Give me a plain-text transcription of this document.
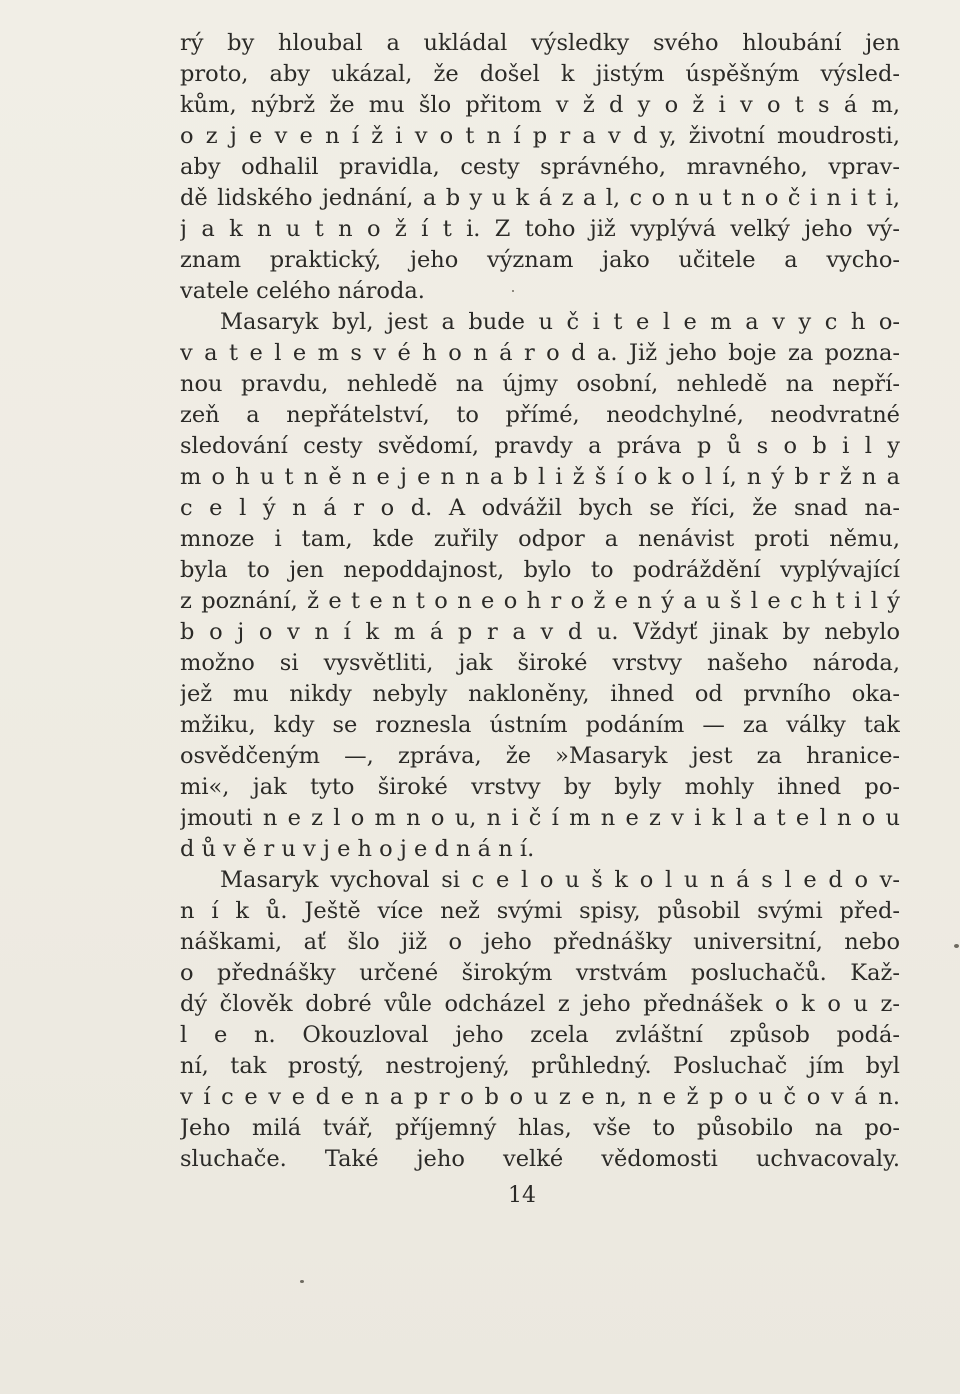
rý by hloubal a ukládal výsledky svého hloubání jen
proto, aby ukázal, že došel k jistým úspěšným výsled-
kům, nýbrž že mu šlo přitom v ž d y o ž i v o t s á m,
o z j e v e n í ž i v o t n í p r a v d y, životní moudrosti,
aby odhalil pravidla, cesty správného, mravného, vprav-
dě lidského jednání, a b y u k á z a l, c o n u t n o č i n i t i,
j a k n u t n o ž í t i. Z toho již vyplývá velký jeho vý-
znam praktický, jeho význam jako učitele a vycho-
vatele celého národa.
Masaryk byl, jest a bude u č i t e l e m a v y c h o-
v a t e l e m s v é h o n á r o d a. Již jeho boje za pozna-
nou pravdu, nehledě na újmy osobní, nehledě na nepří-
zeň a nepřátelství, to přímé, neodchylné, neodvratné
sledování cesty svědomí, pravdy a práva p ů s o b i l y
m o h u t n ě n e j e n n a b l i ž š í o k o l í, n ý b r ž n a
c e l ý n á r o d. A odvážil bych se říci, že snad na-
mnoze i tam, kde zuřily odpor a nenávist proti němu,
byla to jen nepoddajnost, bylo to podráždění vyplývající
z poznání, ž e t e n t o n e o h r o ž e n ý a u š l e c h t i l ý
b o j o v n í k m á p r a v d u. Vždyť jinak by nebylo
možno si vysvětliti, jak široké vrstvy našeho národa,
jež mu nikdy nebyly nakloněny, ihned od prvního oka-
mžiku, kdy se roznesla ústním podáním — za války tak
osvědčeným —, zpráva, že »Masaryk jest za hranice-
mi«, jak tyto široké vrstvy by byly mohly ihned po-
jmouti n e z l o m n o u, n i č í m n e z v i k l a t e l n o u
d ů v ě r u v j e h o j e d n á n í.
Masaryk vychoval si c e l o u š k o l u n á s l e d o v-
n í k ů. Ještě více než svými spisy, působil svými před-
náškami, ať šlo již o jeho přednášky universitní, nebo
o přednášky určené širokým vrstvám posluchačů. Kaž-
dý člověk dobré vůle odcházel z jeho přednášek o k o u z-
l e n. Okouzloval jeho zcela zvláštní způsob podá-
ní, tak prostý, nestrojený, průhledný. Posluchač jím byl
v í c e v e d e n a p r o b o u z e n, n e ž p o u č o v á n.
Jeho milá tvář, příjemný hlas, vše to působilo na po-
sluchače. Také jeho velké vědomosti uchvacovaly.
14
